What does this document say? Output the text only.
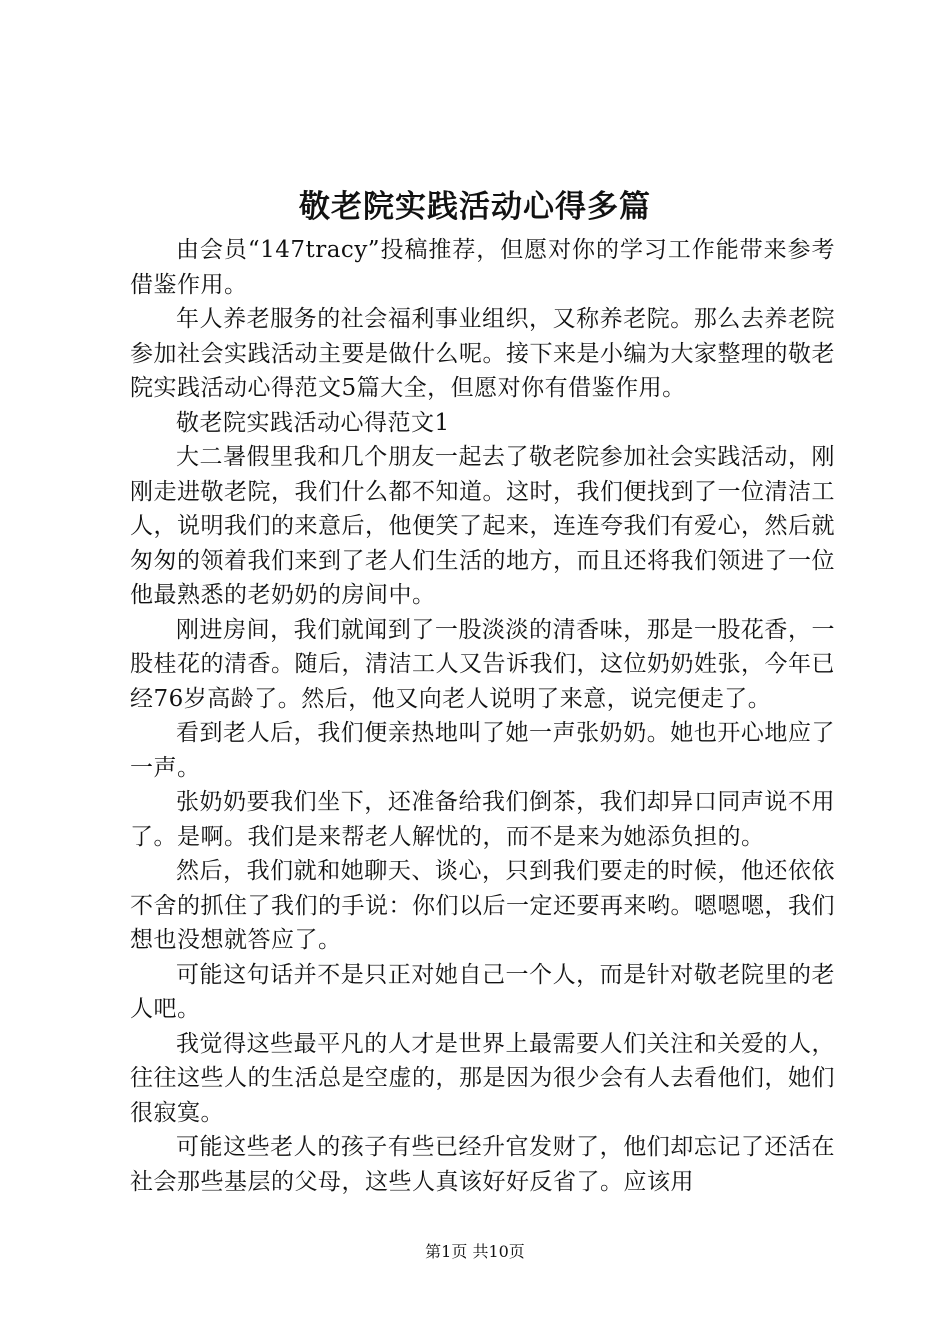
敬老院实践活动心得多篇

由会员“147tracy”投稿推荐，但愿对你的学习工作能带来参考借鉴作用。

年人养老服务的社会福利事业组织，又称养老院。那么去养老院参加社会实践活动主要是做什么呢。接下来是小编为大家整理的敬老院实践活动心得范文5篇大全，但愿对你有借鉴作用。

敬老院实践活动心得范文1

大二暑假里我和几个朋友一起去了敬老院参加社会实践活动，刚刚走进敬老院，我们什么都不知道。这时，我们便找到了一位清洁工人，说明我们的来意后，他便笑了起来，连连夸我们有爱心，然后就匆匆的领着我们来到了老人们生活的地方，而且还将我们领进了一位他最熟悉的老奶奶的房间中。

刚进房间，我们就闻到了一股淡淡的清香味，那是一股花香，一股桂花的清香。随后，清洁工人又告诉我们，这位奶奶姓张，今年已经76岁高龄了。然后，他又向老人说明了来意，说完便走了。

看到老人后，我们便亲热地叫了她一声张奶奶。她也开心地应了一声。

张奶奶要我们坐下，还准备给我们倒茶，我们却异口同声说不用了。是啊。我们是来帮老人解忧的，而不是来为她添负担的。

然后，我们就和她聊天、谈心，只到我们要走的时候，他还依依不舍的抓住了我们的手说：你们以后一定还要再来哟。嗯嗯嗯，我们想也没想就答应了。

可能这句话并不是只正对她自己一个人，而是针对敬老院里的老人吧。

我觉得这些最平凡的人才是世界上最需要人们关注和关爱的人，往往这些人的生活总是空虚的，那是因为很少会有人去看他们，她们很寂寞。

可能这些老人的孩子有些已经升官发财了，他们却忘记了还活在社会那些基层的父母，这些人真该好好反省了。应该用

第1页 共10页
